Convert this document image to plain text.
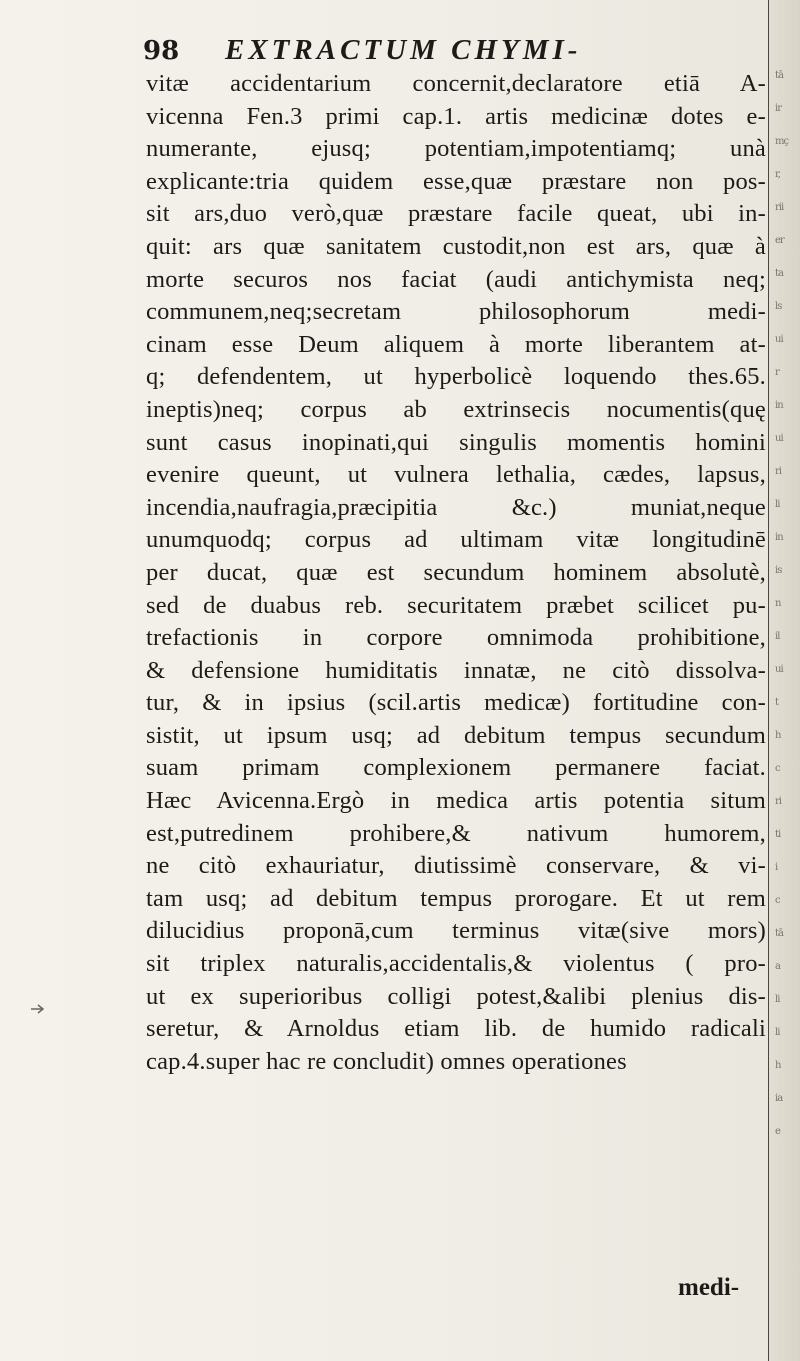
tā
ir
mç
r,
rii
er
ta
ls
ui
r
in
ui
ri
li
in
is
n
il
ui
t
h
c
ri
ti
i
c
tā
a
li
li
h
ia
e
98 EXTRACTUM CHYMI-
vitæ accidentarium concernit,declaratore etiā A-
vicenna Fen.3 primi cap.1. artis medicinæ dotes e-
numerante, ejusq; potentiam,impotentiamq; unà
explicante:tria quidem esse,quæ præstare non pos-
sit ars,duo verò,quæ præstare facile queat, ubi in-
quit: ars quæ sanitatem custodit,non est ars, quæ à
morte securos nos faciat (audi antichymista neq;
communem,neq;secretam philosophorum medi-
cinam esse Deum aliquem à morte liberantem at-
q; defendentem, ut hyperbolicè loquendo thes.65.
ineptis)neq; corpus ab extrinsecis nocumentis(quę
sunt casus inopinati,qui singulis momentis homini
evenire queunt, ut vulnera lethalia, cædes, lapsus,
incendia,naufragia,præcipitia &c.) muniat,neque
unumquodq; corpus ad ultimam vitæ longitudinē
per ducat, quæ est secundum hominem absolutè,
sed de duabus reb. securitatem præbet scilicet pu-
trefactionis in corpore omnimoda prohibitione,
& defensione humiditatis innatæ, ne citò dissolva-
tur, & in ipsius (scil.artis medicæ) fortitudine con-
sistit, ut ipsum usq; ad debitum tempus secundum
suam primam complexionem permanere faciat.
Hæc Avicenna.Ergò in medica artis potentia situm
est,putredinem prohibere,& nativum humorem,
ne citò exhauriatur, diutissimè conservare, & vi-
tam usq; ad debitum tempus prorogare. Et ut rem
dilucidius proponā,cum terminus vitæ(sive mors)
sit triplex naturalis,accidentalis,& violentus ( pro-
ut ex superioribus colligi potest,&alibi plenius dis-
seretur, & Arnoldus etiam lib. de humido radicali
cap.4.super hac re concludit) omnes operationes
medi-
